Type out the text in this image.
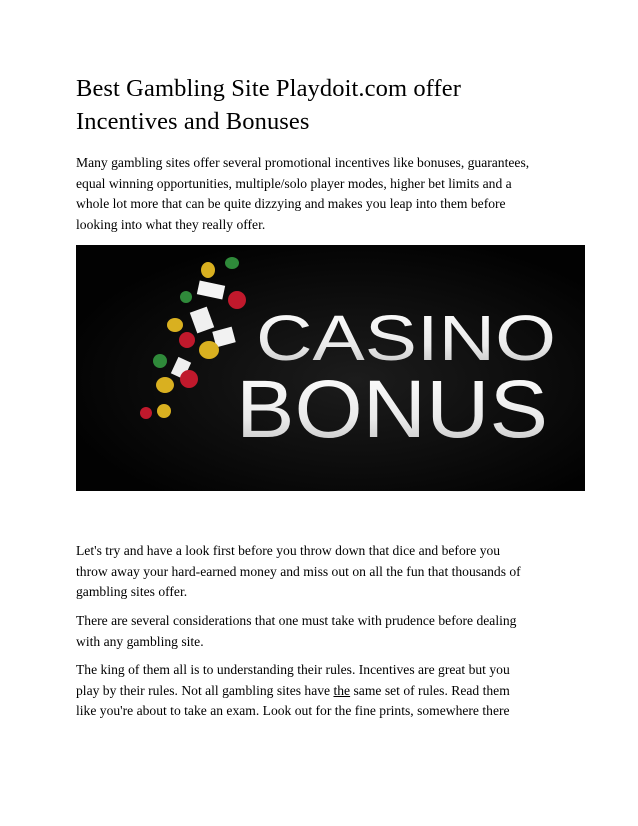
Best Gambling Site Playdoit.com offer
Incentives and Bonuses

Many gambling sites offer several promotional incentives like bonuses, guarantees,
equal winning opportunities, multiple/solo player modes, higher bet limits and a
whole lot more that can be quite dizzying and makes you leap into them before
looking into what they really offer.

CASINO
BONUS

Let's try and have a look first before you throw down that dice and before you
throw away your hard-earned money and miss out on all the fun that thousands of
gambling sites offer.

There are several considerations that one must take with prudence before dealing
with any gambling site.

The king of them all is to understanding their rules. Incentives are great but you
play by their rules. Not all gambling sites have the same set of rules. Read them
like you're about to take an exam. Look out for the fine prints, somewhere there
